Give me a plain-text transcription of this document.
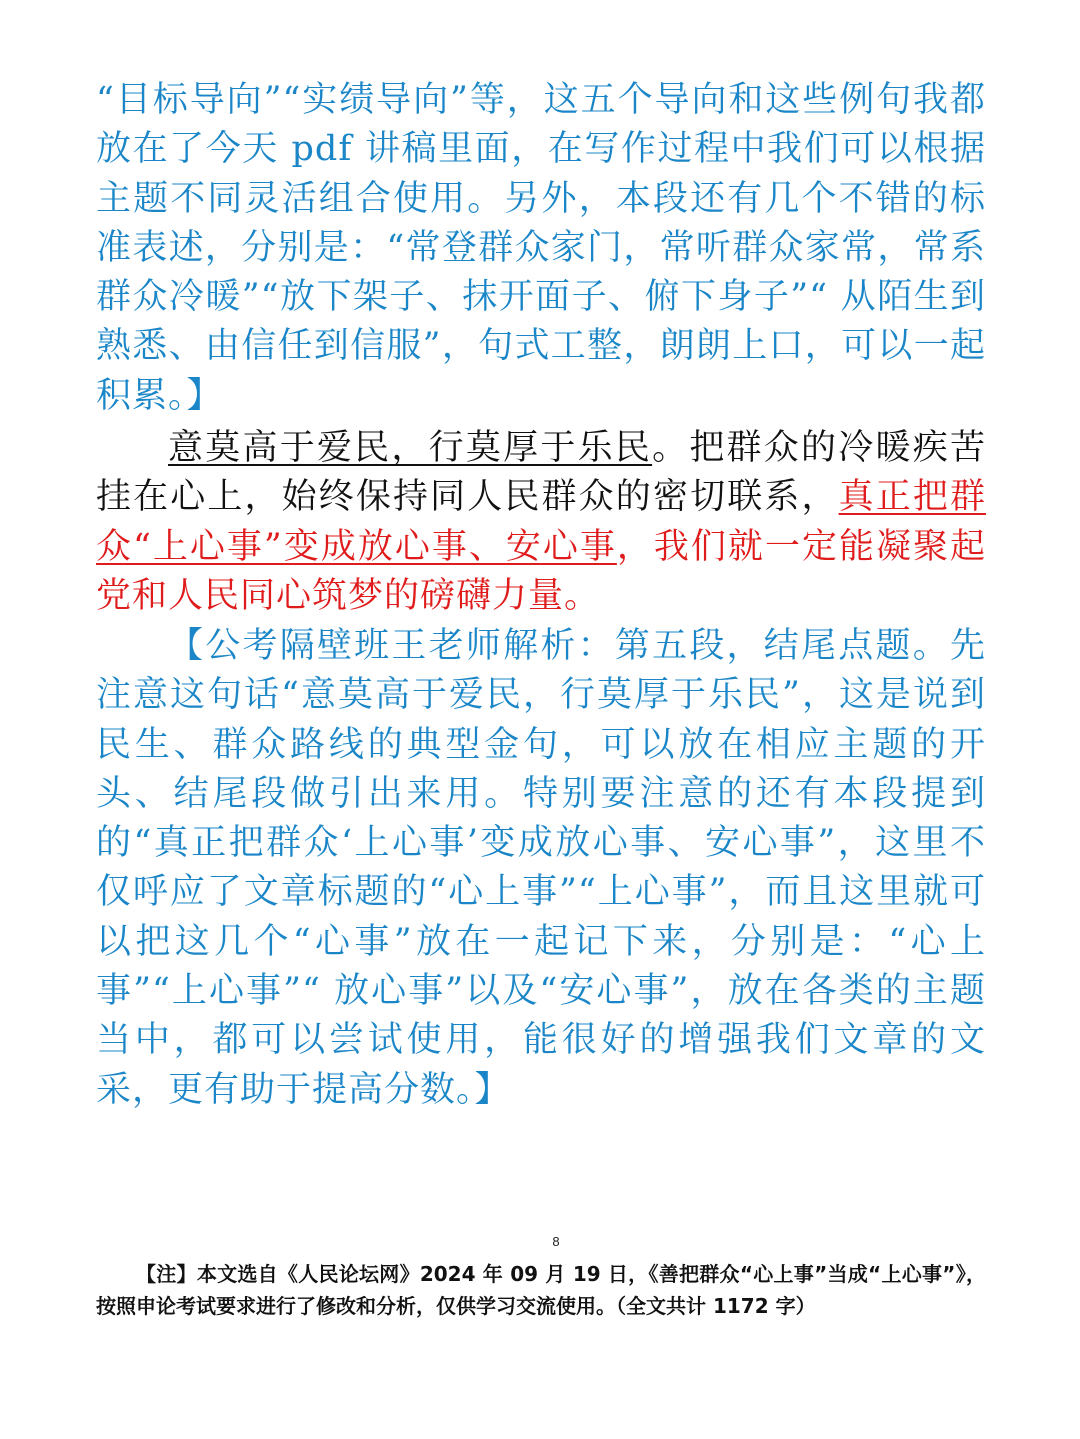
“目标导向”“实绩导向”等，这五个导向和这些例句我都放在了今天 pdf 讲稿里面，在写作过程中我们可以根据主题不同灵活组合使用。另外，本段还有几个不错的标准表述，分别是：“常登群众家门，常听群众家常，常系群众冷暖”“放下架子、抹开面子、俯下身子”“ 从陌生到熟悉、由信任到信服”，句式工整，朗朗上口，可以一起积累。】

意莫高于爱民，行莫厚于乐民。把群众的冷暖疾苦挂在心上，始终保持同人民群众的密切联系，真正把群众“上心事”变成放心事、安心事，我们就一定能凝聚起党和人民同心筑梦的磅礴力量。

【公考隔壁班王老师解析：第五段，结尾点题。先注意这句话“意莫高于爱民，行莫厚于乐民”，这是说到民生、群众路线的典型金句，可以放在相应主题的开头、结尾段做引出来用。特别要注意的还有本段提到的“真正把群众‘上心事’变成放心事、安心事”，这里不仅呼应了文章标题的“心上事”“上心事”，而且这里就可以把这几个“心事”放在一起记下来，分别是：“心上事”“上心事”“ 放心事”以及“安心事”，放在各类的主题当中，都可以尝试使用，能很好的增强我们文章的文采，更有助于提高分数。】

8

【注】本文选自《人民论坛网》2024 年 09 月 19 日，《善把群众“心上事”当成“上心事”》，按照申论考试要求进行了修改和分析，仅供学习交流使用。（全文共计 1172 字）
